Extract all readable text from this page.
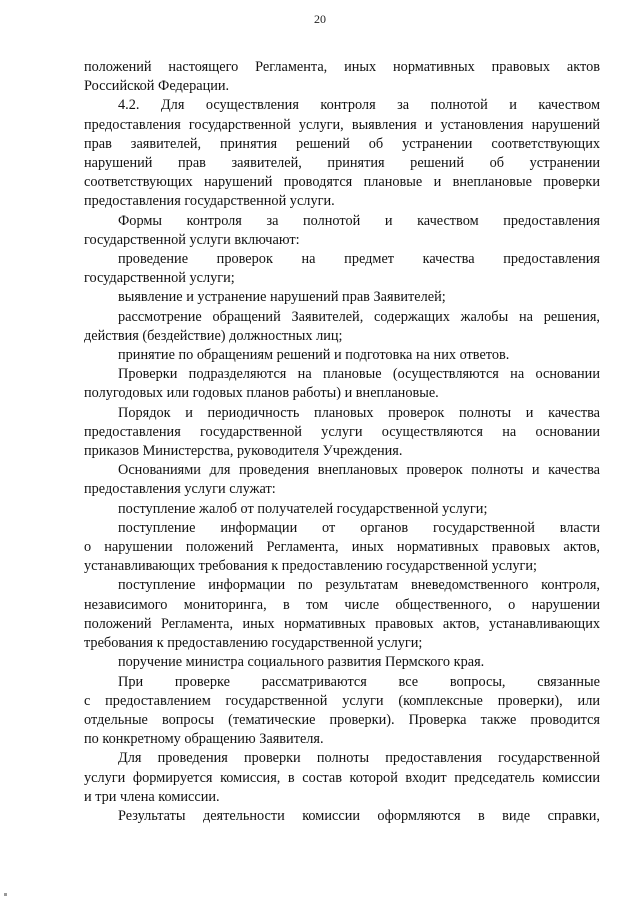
20
положений настоящего Регламента, иных нормативных правовых актов
Российской Федерации.
4.2. Для осуществления контроля за полнотой и качеством
предоставления государственной услуги, выявления и установления нарушений
прав заявителей, принятия решений об устранении соответствующих
нарушений прав заявителей, принятия решений об устранении
соответствующих нарушений проводятся плановые и внеплановые проверки
предоставления государственной услуги.
Формы контроля за полнотой и качеством предоставления
государственной услуги включают:
проведение проверок на предмет качества предоставления
государственной услуги;
выявление и устранение нарушений прав Заявителей;
рассмотрение обращений Заявителей, содержащих жалобы на решения,
действия (бездействие) должностных лиц;
принятие по обращениям решений и подготовка на них ответов.
Проверки подразделяются на плановые (осуществляются на основании
полугодовых или годовых планов работы) и внеплановые.
Порядок и периодичность плановых проверок полноты и качества
предоставления государственной услуги осуществляются на основании
приказов Министерства, руководителя Учреждения.
Основаниями для проведения внеплановых проверок полноты и качества
предоставления услуги служат:
поступление жалоб от получателей государственной услуги;
поступление информации от органов государственной власти
о нарушении положений Регламента, иных нормативных правовых актов,
устанавливающих требования к предоставлению государственной услуги;
поступление информации по результатам вневедомственного контроля,
независимого мониторинга, в том числе общественного, о нарушении
положений Регламента, иных нормативных правовых актов, устанавливающих
требования к предоставлению государственной услуги;
поручение министра социального развития Пермского края.
При проверке рассматриваются все вопросы, связанные
с предоставлением государственной услуги (комплексные проверки), или
отдельные вопросы (тематические проверки). Проверка также проводится
по конкретному обращению Заявителя.
Для проведения проверки полноты предоставления государственной
услуги формируется комиссия, в состав которой входит председатель комиссии
и три члена комиссии.
Результаты деятельности комиссии оформляются в виде справки,
